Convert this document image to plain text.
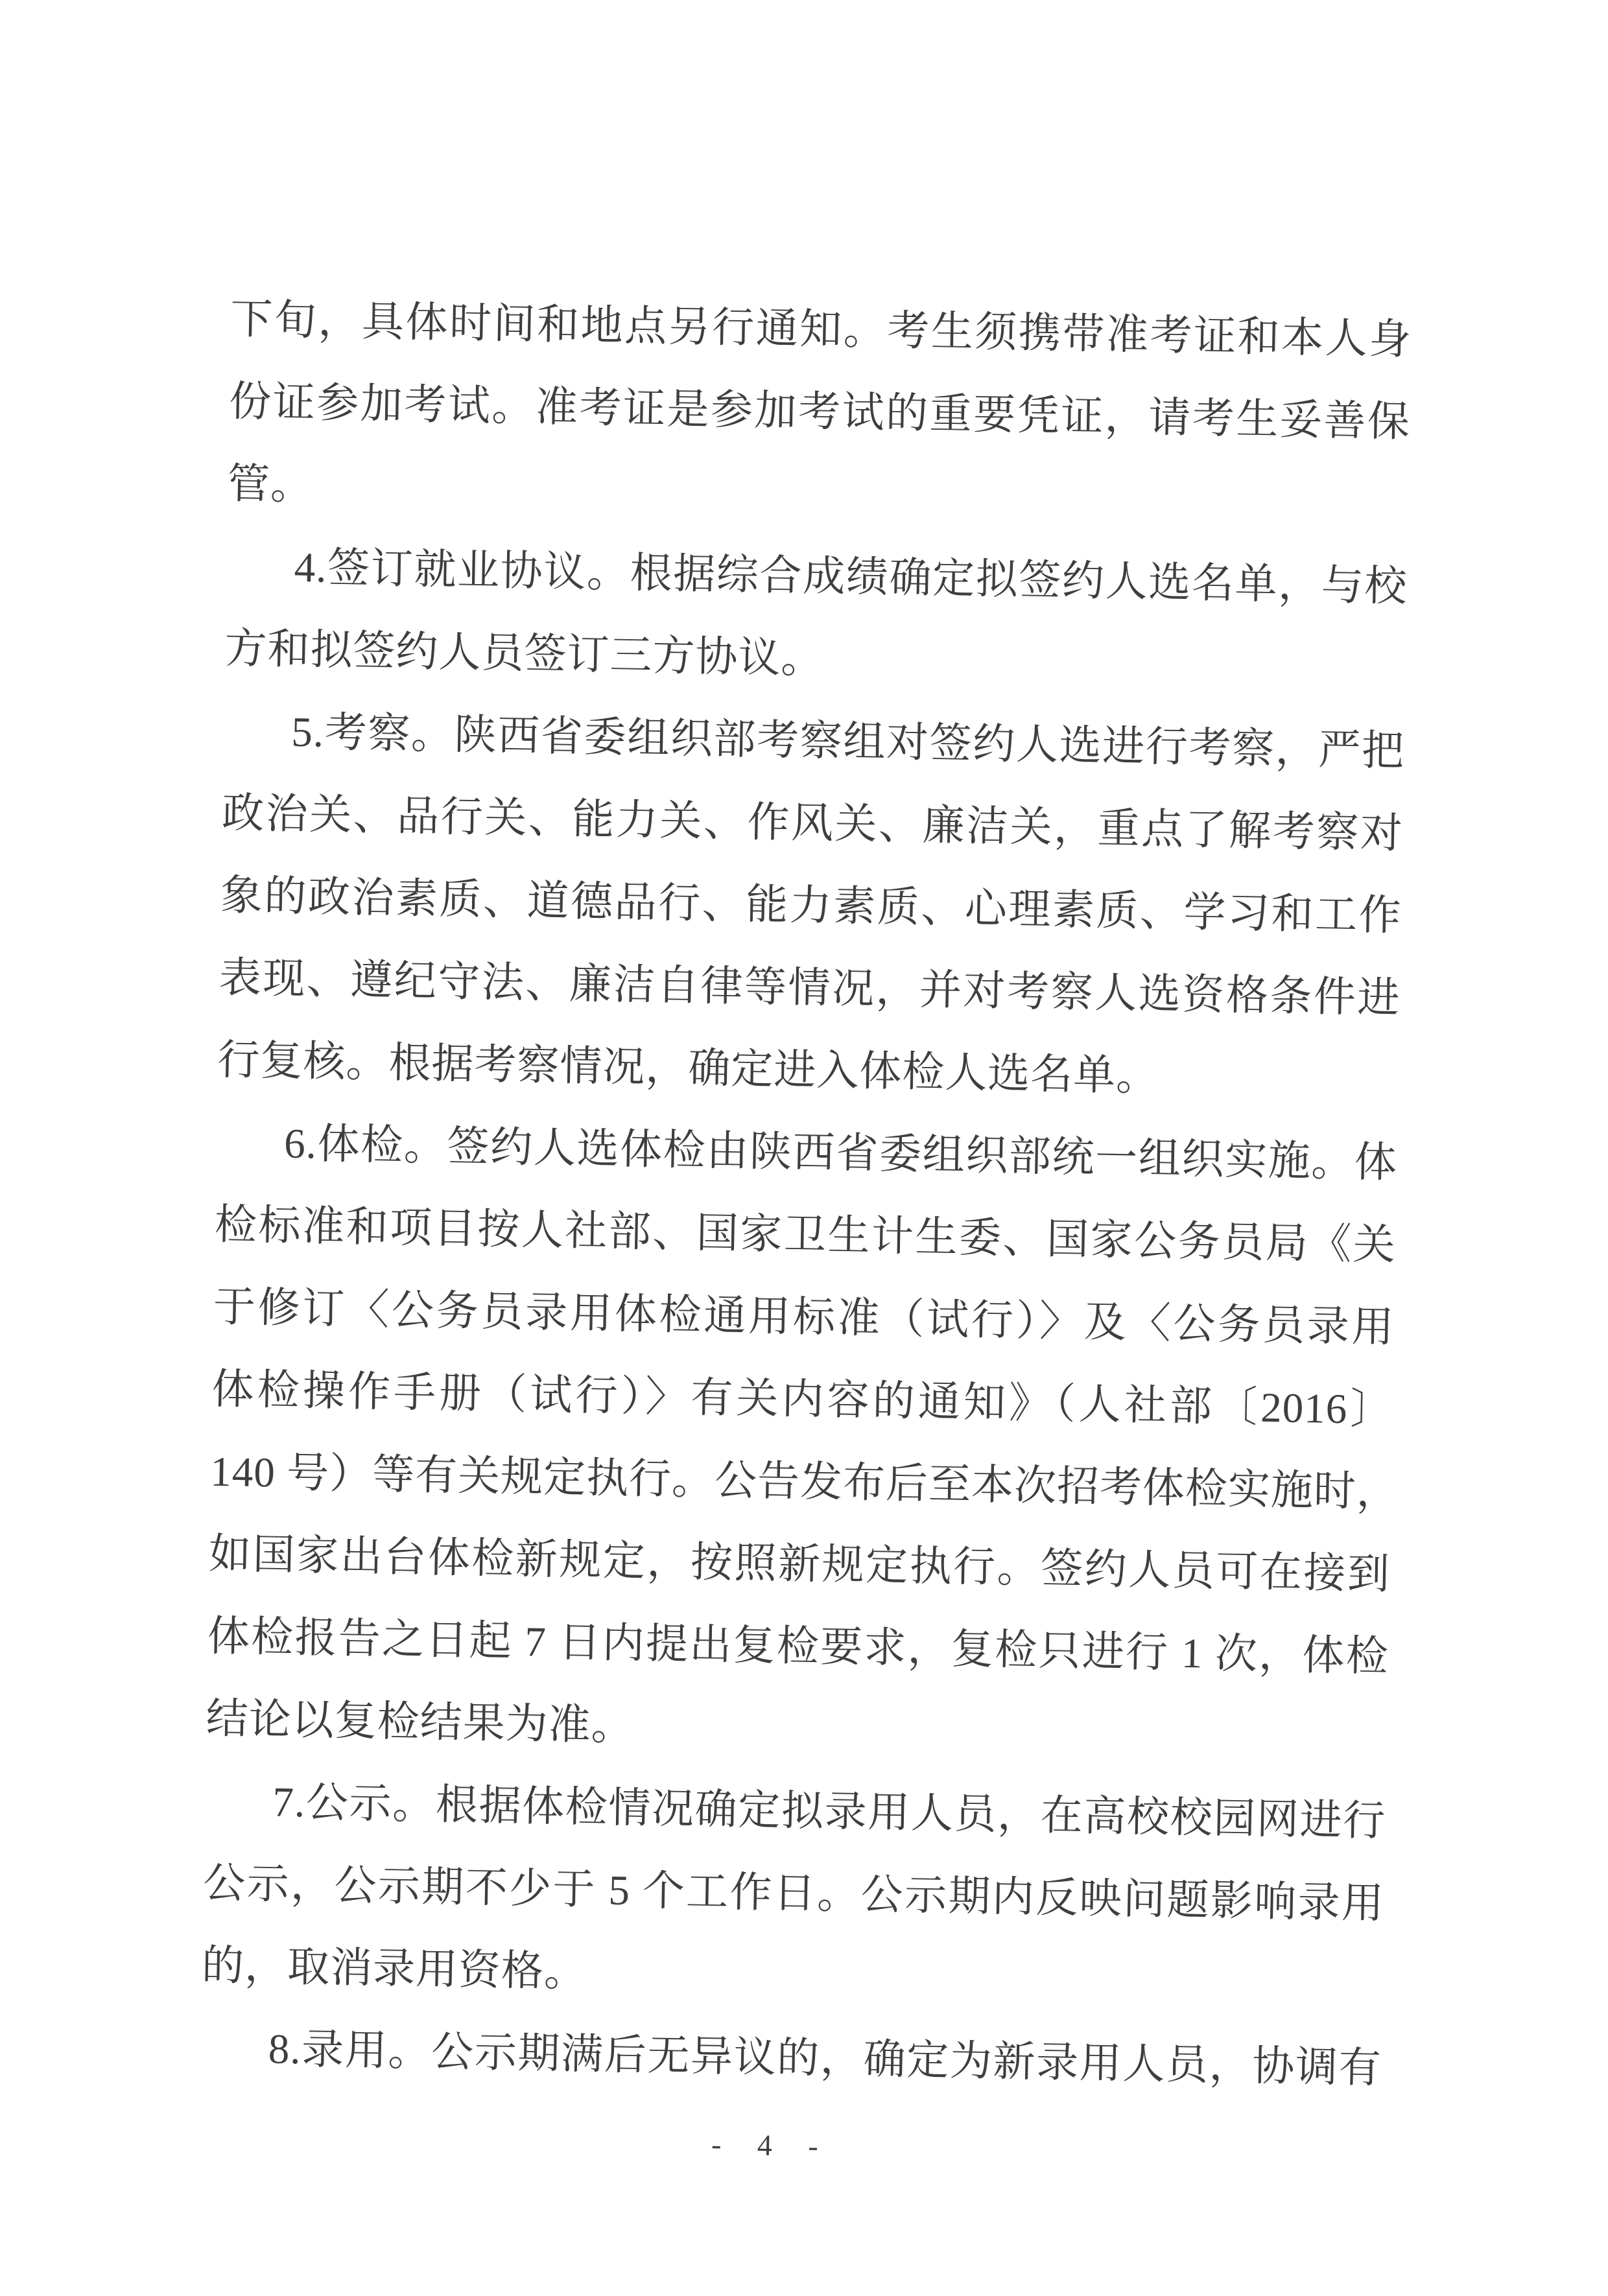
下旬，具体时间和地点另行通知。考生须携带准考证和本人身
份证参加考试。准考证是参加考试的重要凭证，请考生妥善保
管。
4.签订就业协议。根据综合成绩确定拟签约人选名单，与校
方和拟签约人员签订三方协议。
5.考察。陕西省委组织部考察组对签约人选进行考察，严把
政治关、品行关、能力关、作风关、廉洁关，重点了解考察对
象的政治素质、道德品行、能力素质、心理素质、学习和工作
表现、遵纪守法、廉洁自律等情况，并对考察人选资格条件进
行复核。根据考察情况，确定进入体检人选名单。
6.体检。签约人选体检由陕西省委组织部统一组织实施。体
检标准和项目按人社部、国家卫生计生委、国家公务员局《关
于修订〈公务员录用体检通用标准（试行）〉及〈公务员录用
体检操作手册（试行）〉有关内容的通知》（人社部〔2016〕
140 号）等有关规定执行。公告发布后至本次招考体检实施时，
如国家出台体检新规定，按照新规定执行。签约人员可在接到
体检报告之日起 7 日内提出复检要求，复检只进行 1 次，体检
结论以复检结果为准。
7.公示。根据体检情况确定拟录用人员，在高校校园网进行
公示，公示期不少于 5 个工作日。公示期内反映问题影响录用
的，取消录用资格。
8.录用。公示期满后无异议的，确定为新录用人员，协调有
- 4 -
